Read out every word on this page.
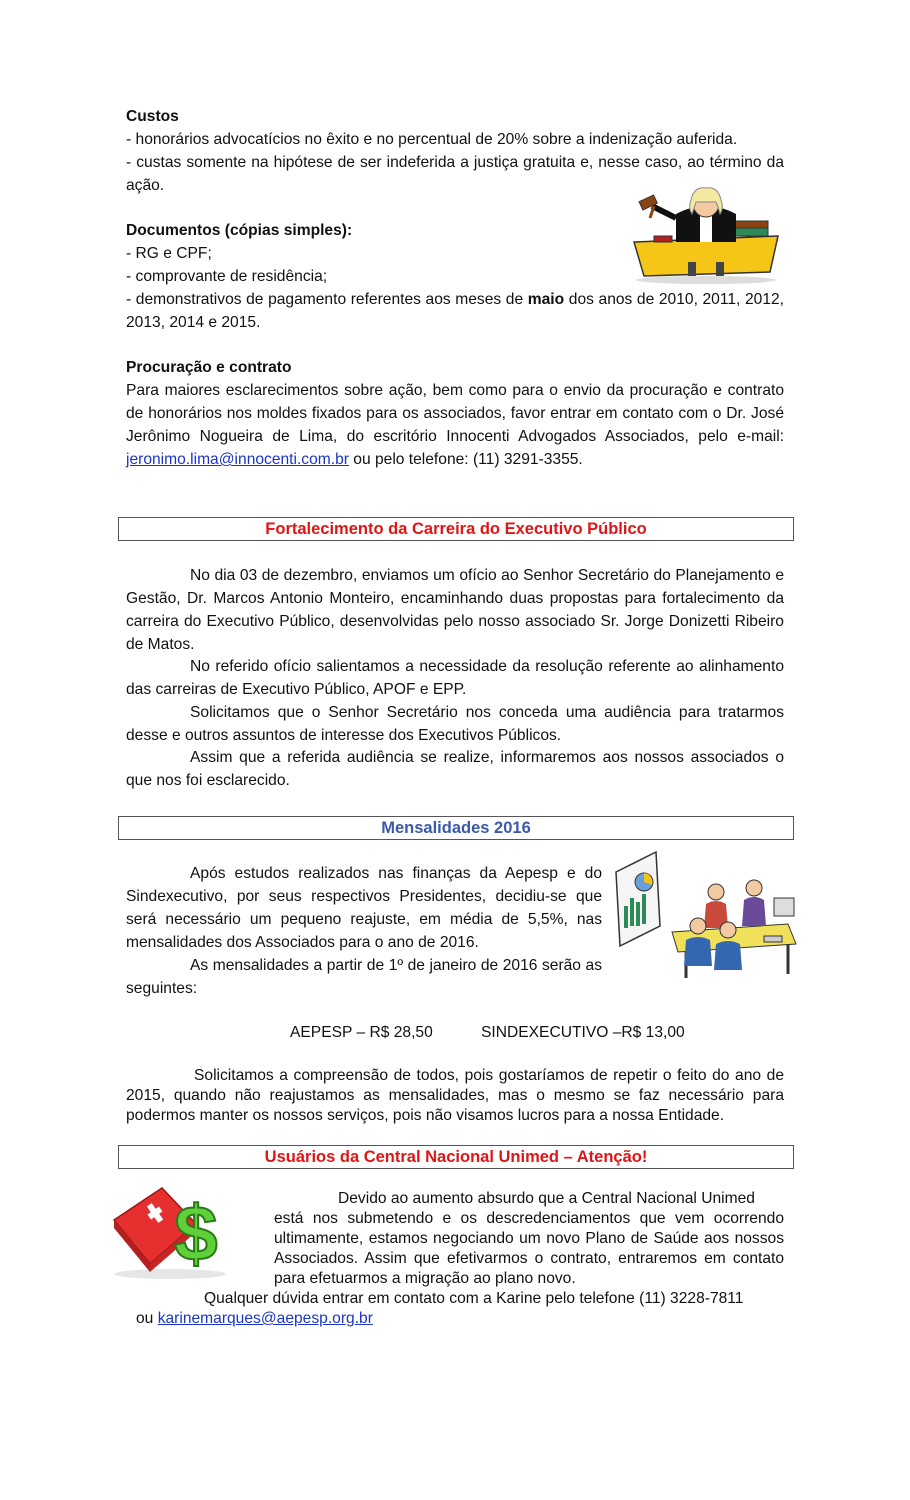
Custos
- honorários advocatícios no êxito e no percentual de 20% sobre a indenização auferida.
- custas somente na hipótese de ser indeferida a justiça gratuita e, nesse caso, ao término da ação.
Documentos (cópias simples):
- RG e CPF;
- comprovante de residência;
- demonstrativos de pagamento referentes aos meses de maio dos anos de 2010, 2011, 2012, 2013, 2014 e 2015.
Procuração e contrato
Para maiores esclarecimentos sobre ação, bem como para o envio da procuração e contrato de honorários nos moldes fixados para os associados, favor entrar em contato com o Dr. José Jerônimo Nogueira de Lima, do escritório Innocenti Advogados Associados, pelo e-mail: jeronimo.lima@innocenti.com.br ou pelo telefone: (11) 3291-3355.
Fortalecimento da Carreira do Executivo Público
No dia 03 de dezembro, enviamos um ofício ao Senhor Secretário do Planejamento e Gestão, Dr. Marcos Antonio Monteiro, encaminhando duas propostas para fortalecimento da carreira do Executivo Público, desenvolvidas pelo nosso associado Sr. Jorge Donizetti Ribeiro de Matos.
No referido ofício salientamos a necessidade da resolução referente ao alinhamento das carreiras de Executivo Público, APOF e EPP.
Solicitamos que o Senhor Secretário nos conceda uma audiência para tratarmos desse e outros assuntos de interesse dos Executivos Públicos.
Assim que a referida audiência se realize, informaremos aos nossos associados o que nos foi esclarecido.
Mensalidades 2016
Após estudos realizados nas finanças da Aepesp e do Sindexecutivo, por seus respectivos Presidentes, decidiu-se que será necessário um pequeno reajuste, em média de 5,5%, nas mensalidades dos Associados para o ano de 2016.
As mensalidades a partir de 1º de janeiro de 2016 serão as seguintes:
AEPESP – R$ 28,50	SINDEXECUTIVO –R$ 13,00
Solicitamos a compreensão de todos, pois gostaríamos de repetir o feito do ano de 2015, quando não reajustamos as mensalidades, mas o mesmo se faz necessário para podermos manter os nossos serviços, pois não visamos lucros para a nossa Entidade.
Usuários da Central Nacional Unimed – Atenção!
$	Devido ao aumento absurdo que a Central Nacional Unimed
está nos submetendo e os descredenciamentos que vem ocorrendo ultimamente, estamos negociando um novo Plano de Saúde aos nossos Associados. Assim que efetivarmos o contrato, entraremos em contato para efetuarmos a migração ao plano novo.
Qualquer dúvida entrar em contato com a Karine pelo telefone (11) 3228-7811
ou karinemarques@aepesp.org.br
